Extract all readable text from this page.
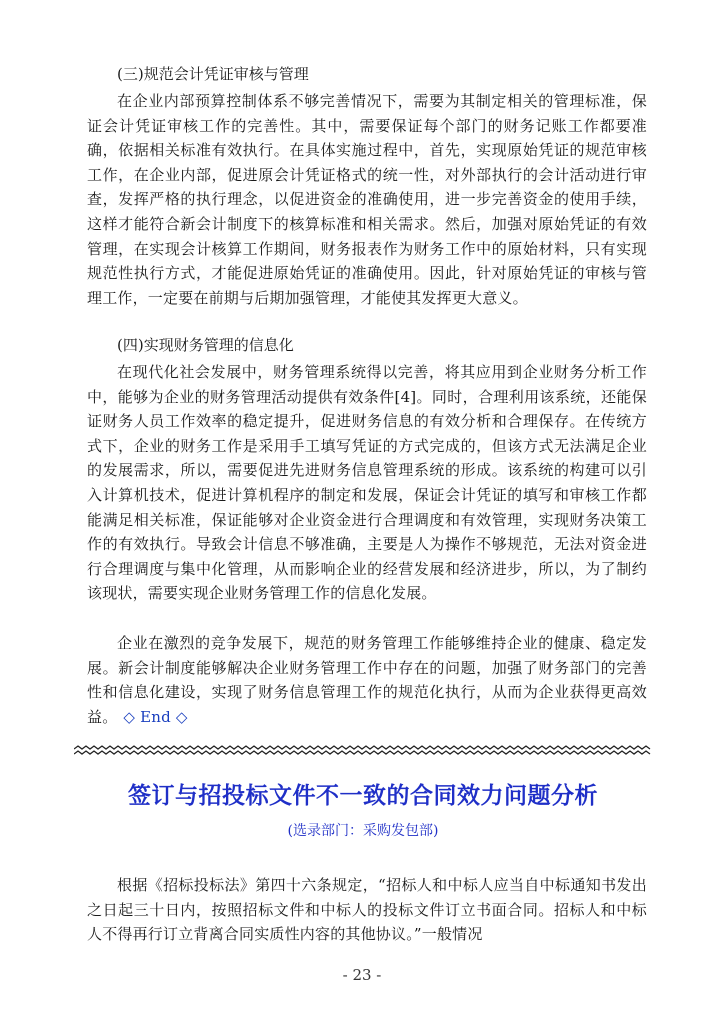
(三)规范会计凭证审核与管理
在企业内部预算控制体系不够完善情况下，需要为其制定相关的管理标准，保证会计凭证审核工作的完善性。其中，需要保证每个部门的财务记账工作都要准确，依据相关标准有效执行。在具体实施过程中，首先，实现原始凭证的规范审核工作，在企业内部，促进原会计凭证格式的统一性，对外部执行的会计活动进行审查，发挥严格的执行理念，以促进资金的准确使用，进一步完善资金的使用手续，这样才能符合新会计制度下的核算标准和相关需求。然后，加强对原始凭证的有效管理，在实现会计核算工作期间，财务报表作为财务工作中的原始材料，只有实现规范性执行方式，才能促进原始凭证的准确使用。因此，针对原始凭证的审核与管理工作，一定要在前期与后期加强管理，才能使其发挥更大意义。
(四)实现财务管理的信息化
在现代化社会发展中，财务管理系统得以完善，将其应用到企业财务分析工作中，能够为企业的财务管理活动提供有效条件[4]。同时，合理利用该系统，还能保证财务人员工作效率的稳定提升，促进财务信息的有效分析和合理保存。在传统方式下，企业的财务工作是采用手工填写凭证的方式完成的，但该方式无法满足企业的发展需求，所以，需要促进先进财务信息管理系统的形成。该系统的构建可以引入计算机技术，促进计算机程序的制定和发展，保证会计凭证的填写和审核工作都能满足相关标准，保证能够对企业资金进行合理调度和有效管理，实现财务决策工作的有效执行。导致会计信息不够准确，主要是人为操作不够规范，无法对资金进行合理调度与集中化管理，从而影响企业的经营发展和经济进步，所以，为了制约该现状，需要实现企业财务管理工作的信息化发展。
企业在激烈的竞争发展下，规范的财务管理工作能够维持企业的健康、稳定发展。新会计制度能够解决企业财务管理工作中存在的问题，加强了财务部门的完善性和信息化建设，实现了财务信息管理工作的规范化执行，从而为企业获得更高效益。 ◇ End ◇
签订与招投标文件不一致的合同效力问题分析
(选录部门：采购发包部)
根据《招标投标法》第四十六条规定，“招标人和中标人应当自中标通知书发出之日起三十日内，按照招标文件和中标人的投标文件订立书面合同。招标人和中标人不得再行订立背离合同实质性内容的其他协议。”一般情况
- 23 -
